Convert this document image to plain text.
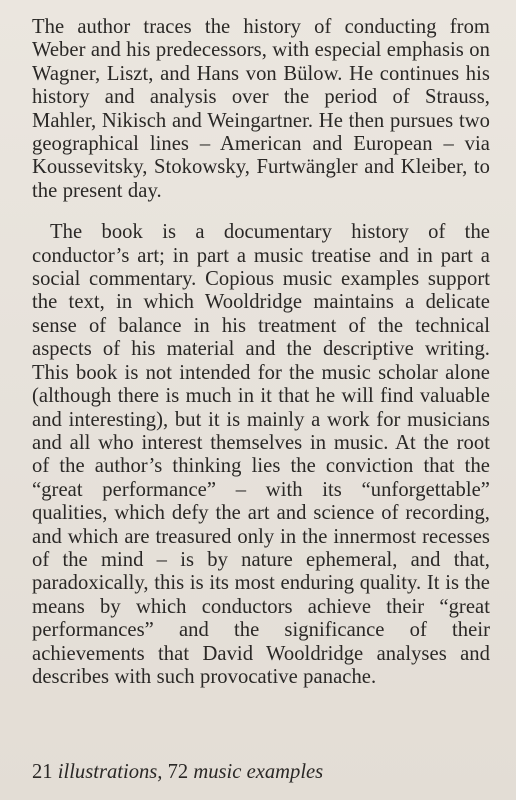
The author traces the history of conducting from Weber and his predecessors, with especial emphasis on Wagner, Liszt, and Hans von Bülow. He continues his history and analysis over the period of Strauss, Mahler, Nikisch and Weingartner. He then pursues two geographical lines – American and European – via Koussevitsky, Stokowsky, Furtwängler and Kleiber, to the present day.

The book is a documentary history of the conductor’s art; in part a music treatise and in part a social commentary. Copious music examples support the text, in which Wooldridge maintains a delicate sense of balance in his treatment of the technical aspects of his material and the descriptive writing. This book is not intended for the music scholar alone (although there is much in it that he will find valuable and interesting), but it is mainly a work for musicians and all who interest themselves in music. At the root of the author’s thinking lies the conviction that the “great performance” – with its “unforgettable” qualities, which defy the art and science of recording, and which are treasured only in the innermost recesses of the mind – is by nature ephemeral, and that, paradoxically, this is its most enduring quality. It is the means by which conductors achieve their “great performances” and the significance of their achievements that David Wooldridge analyses and describes with such provocative panache.

21 illustrations, 72 music examples
